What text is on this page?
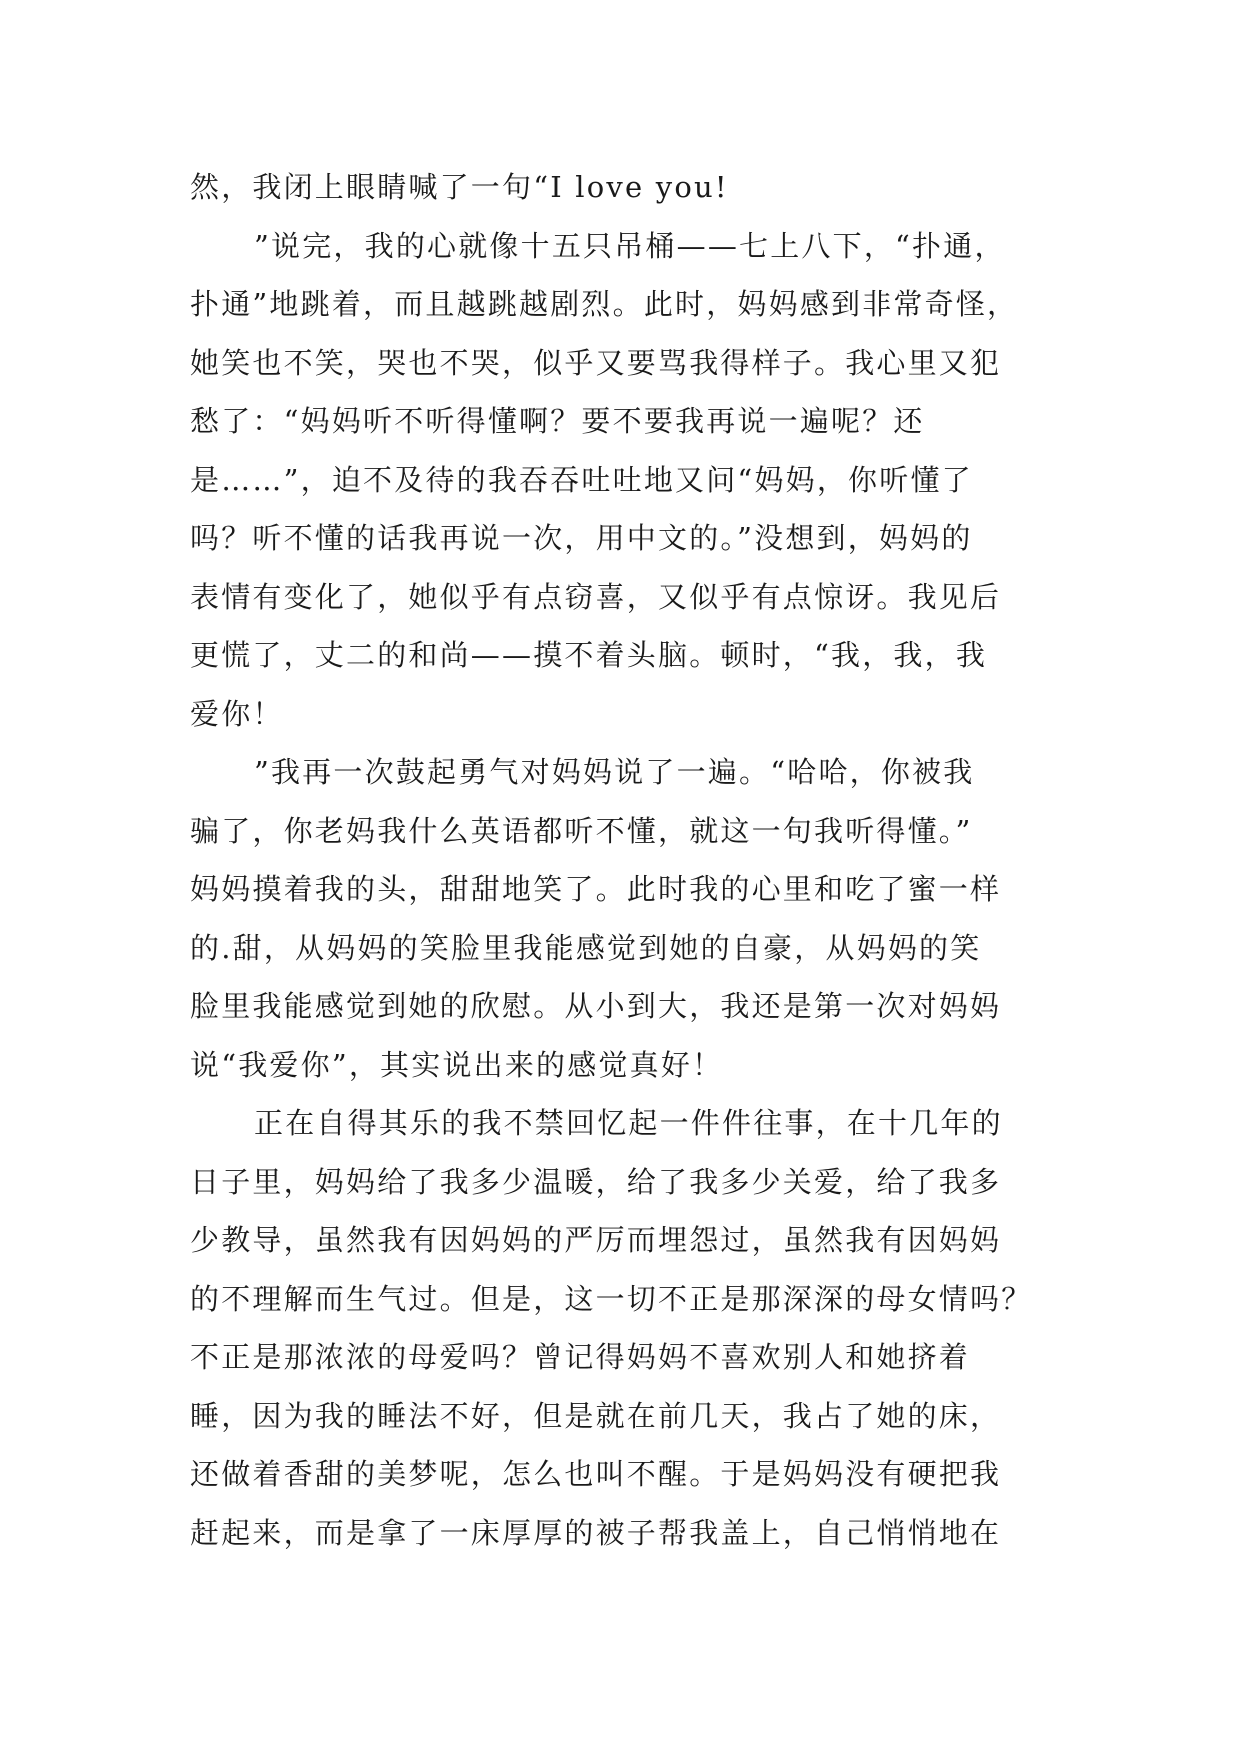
然，我闭上眼睛喊了一句“I love you!
”说完，我的心就像十五只吊桶——七上八下，“扑通，
扑通”地跳着，而且越跳越剧烈。此时，妈妈感到非常奇怪，
她笑也不笑，哭也不哭，似乎又要骂我得样子。我心里又犯
愁了：“妈妈听不听得懂啊？要不要我再说一遍呢？还
是……”，迫不及待的我吞吞吐吐地又问“妈妈，你听懂了
吗？听不懂的话我再说一次，用中文的。”没想到，妈妈的
表情有变化了，她似乎有点窃喜，又似乎有点惊讶。我见后
更慌了，丈二的和尚——摸不着头脑。顿时，“我，我，我
爱你！
”我再一次鼓起勇气对妈妈说了一遍。“哈哈，你被我
骗了，你老妈我什么英语都听不懂，就这一句我听得懂。”
妈妈摸着我的头，甜甜地笑了。此时我的心里和吃了蜜一样
的.甜，从妈妈的笑脸里我能感觉到她的自豪，从妈妈的笑
脸里我能感觉到她的欣慰。从小到大，我还是第一次对妈妈
说“我爱你”，其实说出来的感觉真好！
正在自得其乐的我不禁回忆起一件件往事，在十几年的
日子里，妈妈给了我多少温暖，给了我多少关爱，给了我多
少教导，虽然我有因妈妈的严厉而埋怨过，虽然我有因妈妈
的不理解而生气过。但是，这一切不正是那深深的母女情吗？
不正是那浓浓的母爱吗？曾记得妈妈不喜欢别人和她挤着
睡，因为我的睡法不好，但是就在前几天，我占了她的床，
还做着香甜的美梦呢，怎么也叫不醒。于是妈妈没有硬把我
赶起来，而是拿了一床厚厚的被子帮我盖上，自己悄悄地在
